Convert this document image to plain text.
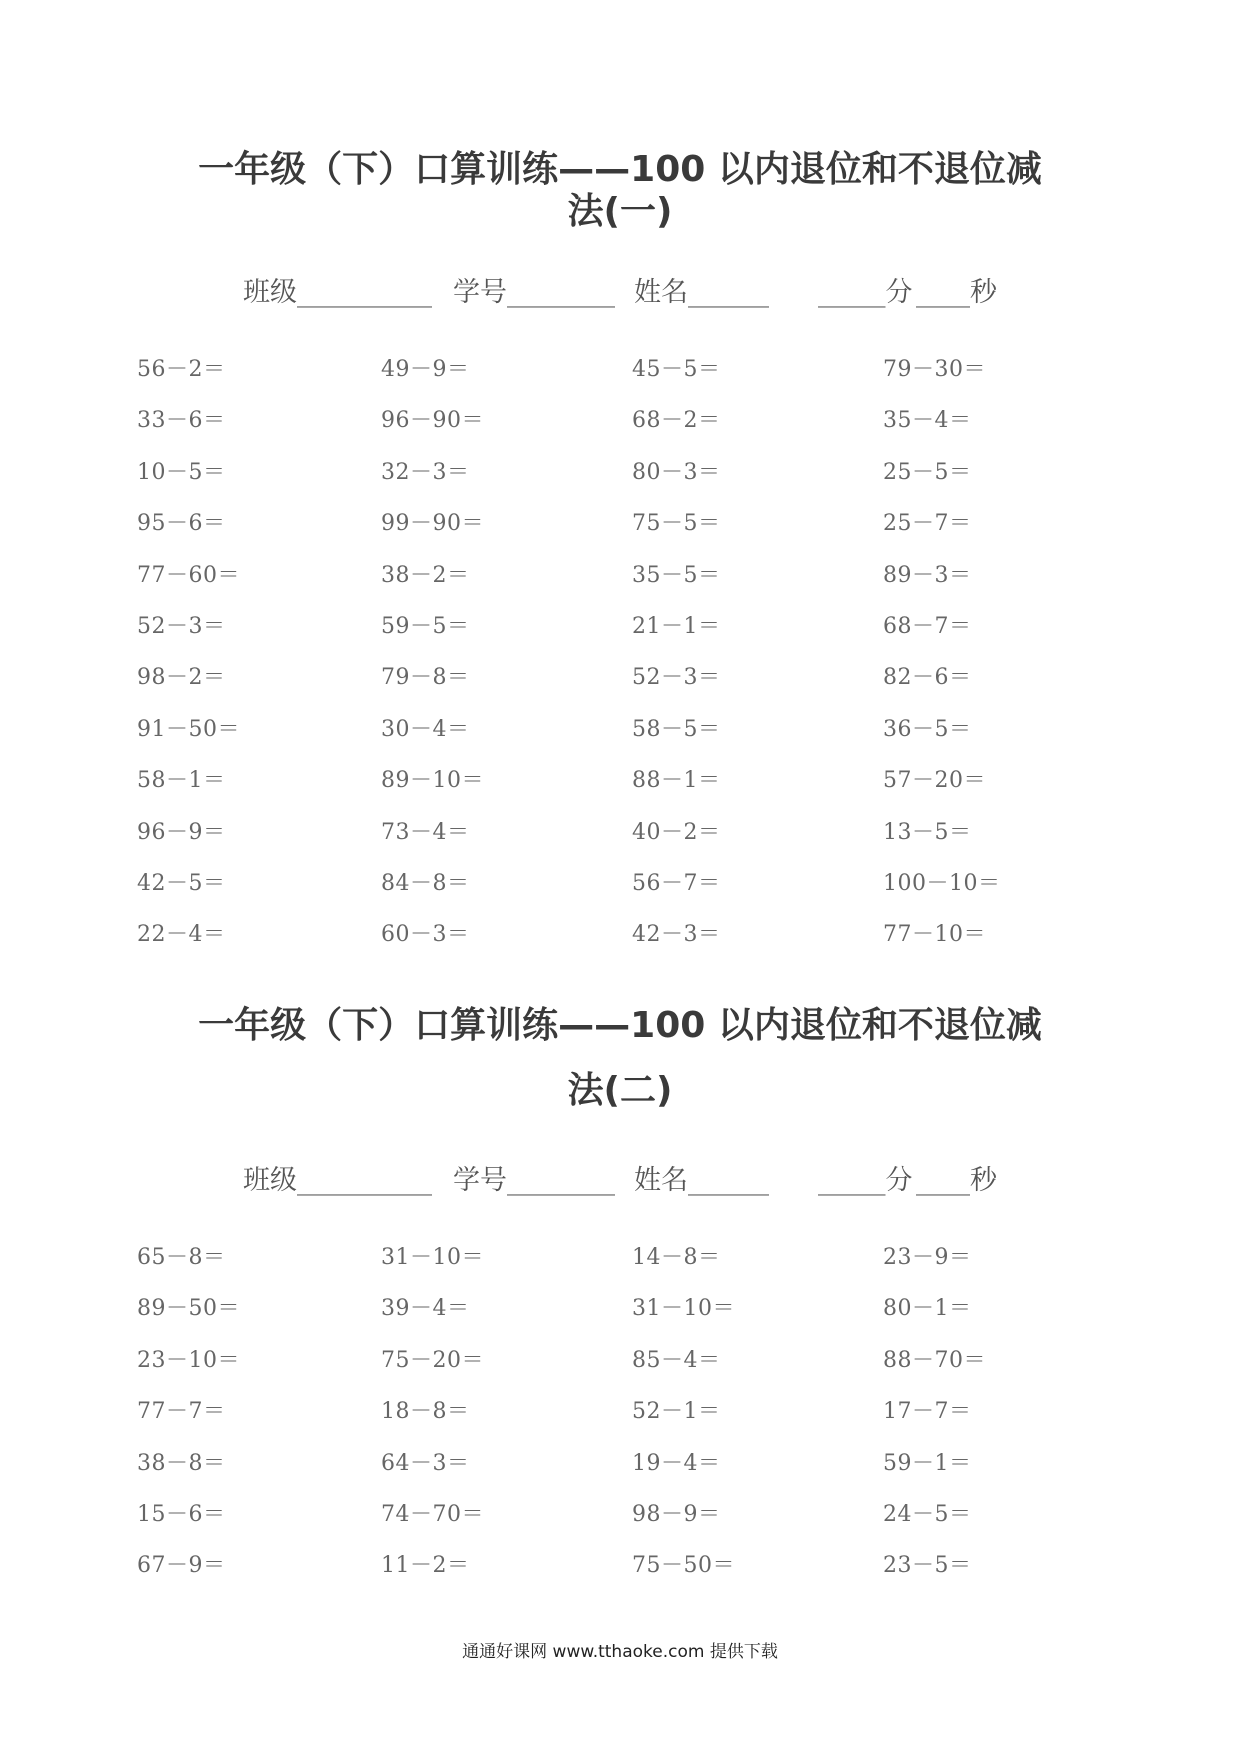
一年级（下）口算训练——100 以内退位和不退位减
法(一)
班级__________ 学号________ 姓名______ _____分 ____秒
56－2＝	49－9＝	45－5＝	79－30＝
33－6＝	96－90＝	68－2＝	35－4＝
10－5＝	32－3＝	80－3＝	25－5＝
95－6＝	99－90＝	75－5＝	25－7＝
77－60＝	38－2＝	35－5＝	89－3＝
52－3＝	59－5＝	21－1＝	68－7＝
98－2＝	79－8＝	52－3＝	82－6＝
91－50＝	30－4＝	58－5＝	36－5＝
58－1＝	89－10＝	88－1＝	57－20＝
96－9＝	73－4＝	40－2＝	13－5＝
42－5＝	84－8＝	56－7＝	100－10＝
22－4＝	60－3＝	42－3＝	77－10＝
一年级（下）口算训练——100 以内退位和不退位减
法(二)
班级__________ 学号________ 姓名______ _____分 ____秒
65－8＝	31－10＝	14－8＝	23－9＝
89－50＝	39－4＝	31－10＝	80－1＝
23－10＝	75－20＝	85－4＝	88－70＝
77－7＝	18－8＝	52－1＝	17－7＝
38－8＝	64－3＝	19－4＝	59－1＝
15－6＝	74－70＝	98－9＝	24－5＝
67－9＝	11－2＝	75－50＝	23－5＝
通通好课网 www.tthaoke.com 提供下载
